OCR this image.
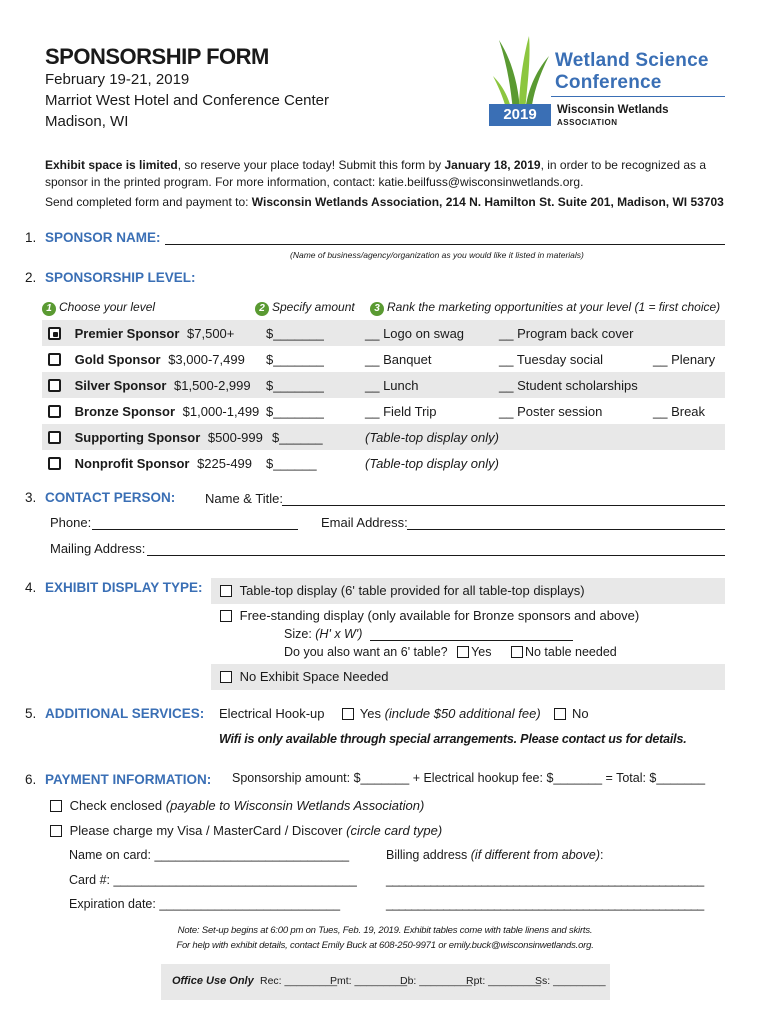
SPONSORSHIP FORM
February 19-21, 2019
Marriot West Hotel and Conference Center
Madison, WI
Wetland Science
Conference
2019	Wisconsin Wetlands
ASSOCIATION
Exhibit space is limited, so reserve your place today! Submit this form by January 18, 2019, in order to be recognized as a
sponsor in the printed program. For more information, contact: katie.beilfuss@wisconsinwetlands.org.
Send completed form and payment to: Wisconsin Wetlands Association, 214 N. Hamilton St. Suite 201, Madison, WI 53703
1. SPONSOR NAME:
(Name of business/agency/organization as you would like it listed in materials)
2. SPONSORSHIP LEVEL:
1 Choose your level	2 Specify amount	3 Rank the marketing opportunities at your level (1 = first choice)
Premier Sponsor $7,500+ $_______	__ Logo on swag	__ Program back cover
Gold Sponsor $3,000-7,499 $_______	__ Banquet	__ Tuesday social	__ Plenary
Silver Sponsor $1,500-2,999 $_______	__ Lunch	__ Student scholarships
Bronze Sponsor $1,000-1,499 $_______	__ Field Trip	__ Poster session	__ Break
Supporting Sponsor $500-999 $______	(Table-top display only)
Nonprofit Sponsor $225-499 $______	(Table-top display only)
3. CONTACT PERSON: Name & Title:
Phone:	Email Address:
Mailing Address:
4. EXHIBIT DISPLAY TYPE:	Table-top display (6' table provided for all table-top displays)
Free-standing display (only available for Bronze sponsors and above)
Size: (H' x W')
Do you also want an 6' table? Yes	No table needed
No Exhibit Space Needed
5. ADDITIONAL SERVICES: Electrical Hook-up	Yes (include $50 additional fee) No
Wifi is only available through special arrangements. Please contact us for details.
6. PAYMENT INFORMATION: Sponsorship amount: $_______ + Electrical hookup fee: $_______ = Total: $_______
Check enclosed (payable to Wisconsin Wetlands Association)
Please charge my Visa / MasterCard / Discover (circle card type)
Name on card: ____________________________
Card #: ___________________________________
Expiration date: __________________________
Billing address (if different from above):
__________________________________________________
__________________________________________________
Note: Set-up begins at 6:00 pm on Tues, Feb. 19, 2019. Exhibit tables come with table linens and skirts.
For help with exhibit details, contact Emily Buck at 608-250-9971 or emily.buck@wisconsinwetlands.org.
Office Use Only Rec: _________
Pmt: _________
Db: _________
Rpt: _________
Ss: _________
